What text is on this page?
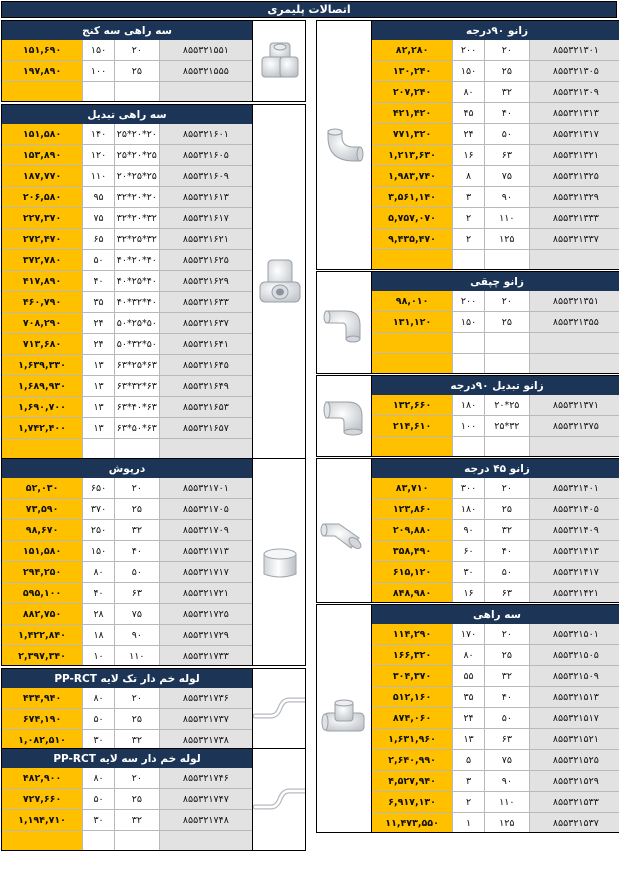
اتصالات پلیمری
سه راهی سه کنج
۱۵۱,۶۹۰	۱۵۰	۲۰	۸۵۵۳۲۱۵۵۱
۱۹۷,۸۹۰	۱۰۰	۲۵	۸۵۵۳۲۱۵۵۵
سه راهی تبدیل
۱۵۱,۵۸۰	۱۴۰	۲۰*۲۰*۲۵	۸۵۵۳۲۱۶۰۱
۱۵۳,۸۹۰	۱۲۰	۲۵*۲۰*۲۵	۸۵۵۳۲۱۶۰۵
۱۸۷,۷۷۰	۱۱۰	۲۵*۲۵*۲۰	۸۵۵۳۲۱۶۰۹
۲۰۶,۵۸۰	۹۵	۲۰*۲۰*۳۲	۸۵۵۳۲۱۶۱۳
۲۲۷,۳۷۰	۷۵	۳۲*۲۰*۳۲	۸۵۵۳۲۱۶۱۷
۲۷۲,۴۷۰	۶۵	۳۲*۲۵*۳۲	۸۵۵۳۲۱۶۲۱
۳۷۲,۷۸۰	۵۰	۴۰*۲۰*۴۰	۸۵۵۳۲۱۶۲۵
۴۱۷,۸۹۰	۴۰	۴۰*۲۵*۴۰	۸۵۵۳۲۱۶۲۹
۴۶۰,۷۹۰	۳۵	۴۰*۳۲*۴۰	۸۵۵۳۲۱۶۳۳
۷۰۸,۲۹۰	۲۴	۵۰*۲۵*۵۰	۸۵۵۳۲۱۶۳۷
۷۱۳,۶۸۰	۲۴	۵۰*۳۲*۵۰	۸۵۵۳۲۱۶۴۱
۱,۶۳۹,۳۳۰	۱۳	۶۳*۲۵*۶۳	۸۵۵۳۲۱۶۴۵
۱,۶۸۹,۹۳۰	۱۳	۶۳*۳۲*۶۳	۸۵۵۳۲۱۶۴۹
۱,۶۹۰,۷۰۰	۱۳	۶۳*۴۰*۶۳	۸۵۵۳۲۱۶۵۳
۱,۷۴۲,۴۰۰	۱۳	۶۳*۵۰*۶۳	۸۵۵۳۲۱۶۵۷
درپوش
۵۲,۰۳۰	۶۵۰	۲۰	۸۵۵۳۲۱۷۰۱
۷۳,۵۹۰	۳۷۰	۲۵	۸۵۵۳۲۱۷۰۵
۹۸,۶۷۰	۲۵۰	۳۲	۸۵۵۳۲۱۷۰۹
۱۵۱,۵۸۰	۱۵۰	۴۰	۸۵۵۳۲۱۷۱۳
۲۹۴,۲۵۰	۸۰	۵۰	۸۵۵۳۲۱۷۱۷
۵۹۵,۱۰۰	۴۰	۶۳	۸۵۵۳۲۱۷۲۱
۸۸۲,۷۵۰	۲۸	۷۵	۸۵۵۳۲۱۷۲۵
۱,۴۲۲,۸۴۰	۱۸	۹۰	۸۵۵۳۲۱۷۲۹
۲,۳۹۷,۳۴۰	۱۰	۱۱۰	۸۵۵۳۲۱۷۳۳
لوله خم دار تک لایه PP-RCT
۴۳۴,۹۴۰	۸۰	۲۰	۸۵۵۳۲۱۷۳۶
۶۷۴,۱۹۰	۵۰	۲۵	۸۵۵۳۲۱۷۳۷
۱,۰۸۲,۵۱۰	۳۰	۳۲	۸۵۵۳۲۱۷۳۸
لوله خم دار سه لایه PP-RCT
۴۸۲,۹۰۰	۸۰	۲۰	۸۵۵۳۲۱۷۴۶
۷۲۷,۶۶۰	۵۰	۲۵	۸۵۵۳۲۱۷۴۷
۱,۱۹۴,۷۱۰	۳۰	۳۲	۸۵۵۳۲۱۷۴۸
زانو ۹۰درجه
۸۲,۲۸۰	۲۰۰	۲۰	۸۵۵۳۲۱۳۰۱
۱۳۰,۲۴۰	۱۵۰	۲۵	۸۵۵۳۲۱۳۰۵
۲۰۷,۲۴۰	۸۰	۳۲	۸۵۵۳۲۱۳۰۹
۴۲۱,۴۲۰	۴۵	۴۰	۸۵۵۳۲۱۳۱۳
۷۷۱,۳۲۰	۲۴	۵۰	۸۵۵۳۲۱۳۱۷
۱,۲۱۳,۶۳۰	۱۶	۶۳	۸۵۵۳۲۱۳۲۱
۱,۹۸۳,۷۴۰	۸	۷۵	۸۵۵۳۲۱۳۲۵
۳,۵۶۱,۱۴۰	۳	۹۰	۸۵۵۳۲۱۳۲۹
۵,۷۵۷,۰۷۰	۲	۱۱۰	۸۵۵۳۲۱۳۳۳
۹,۴۳۵,۴۷۰	۲	۱۲۵	۸۵۵۳۲۱۳۳۷
زانو چپقی
۹۸,۰۱۰	۲۰۰	۲۰	۸۵۵۳۲۱۳۵۱
۱۳۱,۱۲۰	۱۵۰	۲۵	۸۵۵۳۲۱۳۵۵
زانو تبدیل ۹۰درجه
۱۳۲,۶۶۰	۱۸۰	۲۵*۲۰	۸۵۵۳۲۱۳۷۱
۲۱۴,۶۱۰	۱۰۰	۳۲*۲۵	۸۵۵۳۲۱۳۷۵
زانو ۴۵ درجه
۸۳,۷۱۰	۳۰۰	۲۰	۸۵۵۳۲۱۴۰۱
۱۲۳,۸۶۰	۱۸۰	۲۵	۸۵۵۳۲۱۴۰۵
۲۰۹,۸۸۰	۹۰	۳۲	۸۵۵۳۲۱۴۰۹
۳۵۸,۴۹۰	۶۰	۴۰	۸۵۵۳۲۱۴۱۳
۶۱۵,۱۲۰	۳۰	۵۰	۸۵۵۳۲۱۴۱۷
۸۴۸,۹۸۰	۱۶	۶۳	۸۵۵۳۲۱۴۲۱
سه راهی
۱۱۴,۲۹۰	۱۷۰	۲۰	۸۵۵۳۲۱۵۰۱
۱۶۶,۳۲۰	۸۰	۲۵	۸۵۵۳۲۱۵۰۵
۳۰۴,۳۷۰	۵۵	۳۲	۸۵۵۳۲۱۵۰۹
۵۱۲,۱۶۰	۳۵	۴۰	۸۵۵۳۲۱۵۱۳
۸۷۴,۰۶۰	۲۴	۵۰	۸۵۵۳۲۱۵۱۷
۱,۶۳۱,۹۶۰	۱۳	۶۳	۸۵۵۳۲۱۵۲۱
۲,۶۴۰,۹۹۰	۵	۷۵	۸۵۵۳۲۱۵۲۵
۴,۵۲۷,۹۴۰	۳	۹۰	۸۵۵۳۲۱۵۲۹
۶,۹۱۷,۱۳۰	۲	۱۱۰	۸۵۵۳۲۱۵۳۳
۱۱,۴۷۳,۵۵۰	۱	۱۲۵	۸۵۵۳۲۱۵۳۷
